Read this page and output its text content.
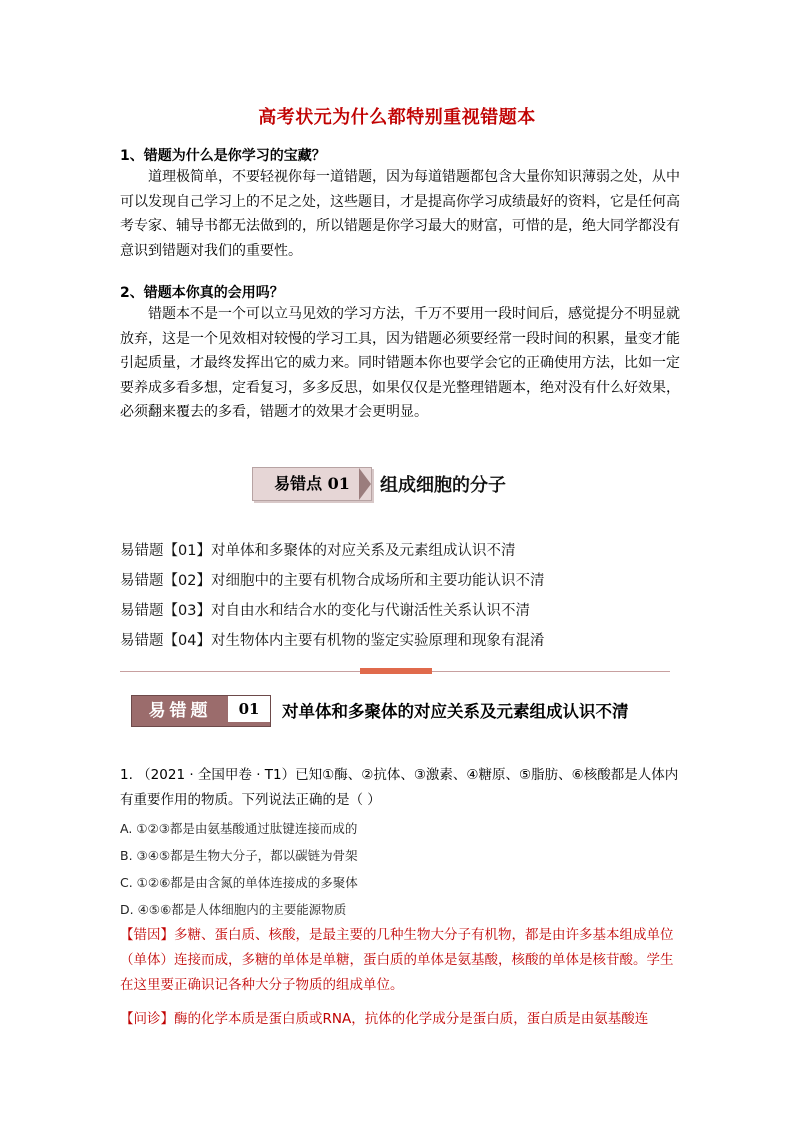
高考状元为什么都特别重视错题本
1、错题为什么是你学习的宝藏？
道理极简单，不要轻视你每一道错题，因为每道错题都包含大量你知识薄弱之处，从中可以发现自己学习上的不足之处，这些题目，才是提高你学习成绩最好的资料，它是任何高考专家、辅导书都无法做到的，所以错题是你学习最大的财富，可惜的是，绝大同学都没有意识到错题对我们的重要性。
2、错题本你真的会用吗？
错题本不是一个可以立马见效的学习方法，千万不要用一段时间后，感觉提分不明显就放弃，这是一个见效相对较慢的学习工具，因为错题必须要经常一段时间的积累，量变才能引起质量，才最终发挥出它的威力来。同时错题本你也要学会它的正确使用方法，比如一定要养成多看多想，定看复习，多多反思，如果仅仅是光整理错题本，绝对没有什么好效果，必须翻来覆去的多看，错题才的效果才会更明显。
易错点 01	组成细胞的分子
易错题【01】对单体和多聚体的对应关系及元素组成认识不清
易错题【02】对细胞中的主要有机物合成场所和主要功能认识不清
易错题【03】对自由水和结合水的变化与代谢活性关系认识不清
易错题【04】对生物体内主要有机物的鉴定实验原理和现象有混淆
对单体和多聚体的对应关系及元素组成认识不清
易错题	01
1. （2021 · 全国甲卷 · T1）已知①酶、②抗体、③激素、④糖原、⑤脂肪、⑥核酸都是人体内有重要作用的物质。下列说法正确的是（ ）
A. ①②③都是由氨基酸通过肽键连接而成的
B. ③④⑤都是生物大分子，都以碳链为骨架
C. ①②⑥都是由含氮的单体连接成的多聚体
D. ④⑤⑥都是人体细胞内的主要能源物质
【错因】多糖、蛋白质、核酸，是最主要的几种生物大分子有机物，都是由许多基本组成单位（单体）连接而成，多糖的单体是单糖，蛋白质的单体是氨基酸，核酸的单体是核苷酸。学生在这里要正确识记各种大分子物质的组成单位。
【问诊】酶的化学本质是蛋白质或RNA，抗体的化学成分是蛋白质，蛋白质是由氨基酸连
